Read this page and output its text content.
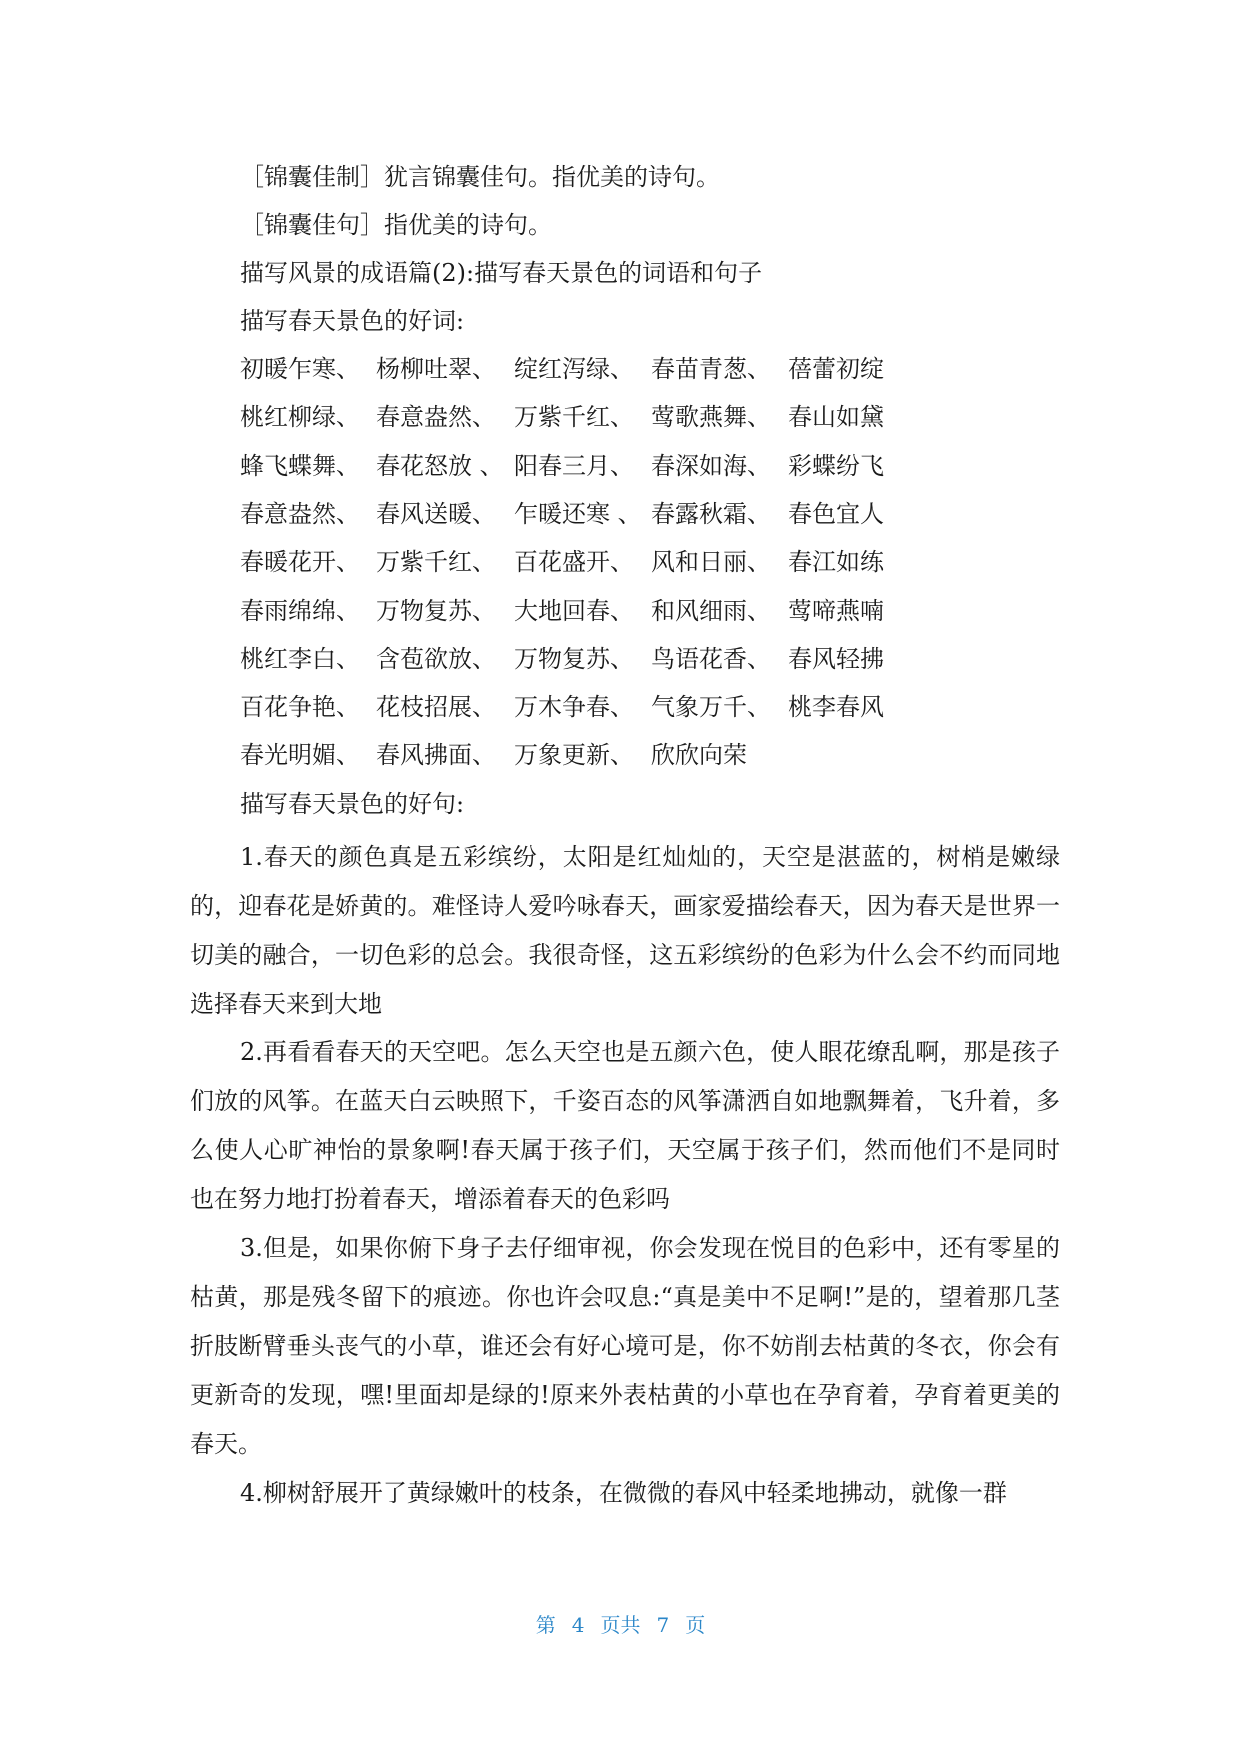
［锦囊佳制］犹言锦囊佳句。指优美的诗句。
［锦囊佳句］指优美的诗句。
描写风景的成语篇(2):描写春天景色的词语和句子
描写春天景色的好词:
初暖乍寒、 杨柳吐翠、 绽红泻绿、 春苗青葱、 蓓蕾初绽
桃红柳绿、 春意盎然、 万紫千红、 莺歌燕舞、 春山如黛
蜂飞蝶舞、 春花怒放 、 阳春三月、 春深如海、 彩蝶纷飞
春意盎然、 春风送暖、 乍暖还寒 、 春露秋霜、 春色宜人
春暖花开、 万紫千红、 百花盛开、 风和日丽、 春江如练
春雨绵绵、 万物复苏、 大地回春、 和风细雨、 莺啼燕喃
桃红李白、 含苞欲放、 万物复苏、 鸟语花香、 春风轻拂
百花争艳、 花枝招展、 万木争春、 气象万千、 桃李春风
春光明媚、 春风拂面、 万象更新、 欣欣向荣
描写春天景色的好句:
1.春天的颜色真是五彩缤纷，太阳是红灿灿的，天空是湛蓝的，树梢是嫩绿的，迎春花是娇黄的。难怪诗人爱吟咏春天，画家爱描绘春天，因为春天是世界一切美的融合，一切色彩的总会。我很奇怪，这五彩缤纷的色彩为什么会不约而同地选择春天来到大地
2.再看看春天的天空吧。怎么天空也是五颜六色，使人眼花缭乱啊，那是孩子们放的风筝。在蓝天白云映照下，千姿百态的风筝潇洒自如地飘舞着，飞升着，多么使人心旷神怡的景象啊!春天属于孩子们，天空属于孩子们，然而他们不是同时也在努力地打扮着春天，增添着春天的色彩吗
3.但是，如果你俯下身子去仔细审视，你会发现在悦目的色彩中，还有零星的枯黄，那是残冬留下的痕迹。你也许会叹息:“真是美中不足啊!”是的，望着那几茎折肢断臂垂头丧气的小草，谁还会有好心境可是，你不妨削去枯黄的冬衣，你会有更新奇的发现，嘿!里面却是绿的!原来外表枯黄的小草也在孕育着，孕育着更美的春天。
4.柳树舒展开了黄绿嫩叶的枝条，在微微的春风中轻柔地拂动，就像一群
第 4 页共 7 页
